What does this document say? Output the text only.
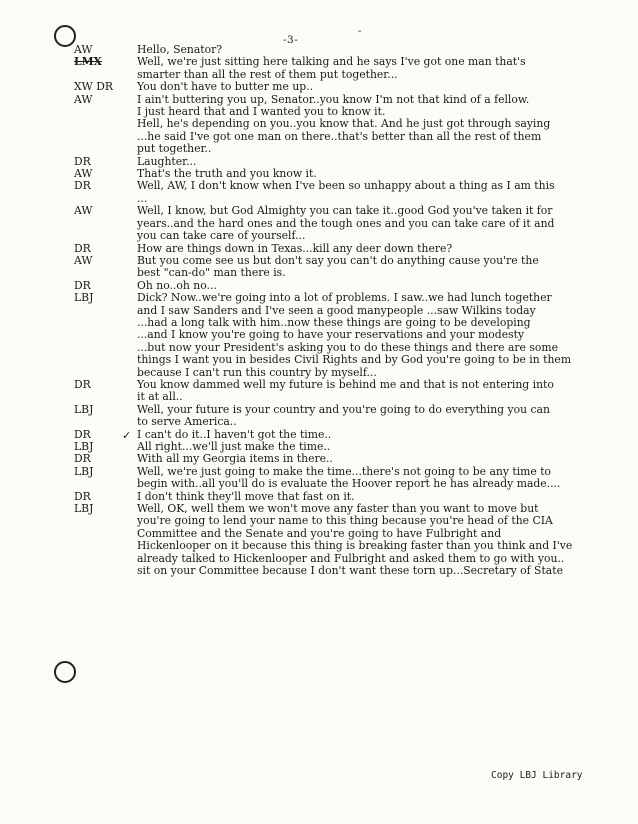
-3-
-
AW	Hello, Senator?
LMX	Well, we're just sitting here talking and he says I've got one man that's
smarter than all the rest of them put together...
XW DR	You don't have to butter me up..
AW	I ain't buttering you up, Senator..you know I'm not that kind of a fellow.
I just heard that and I wanted you to know it.
Hell, he's depending on you..you know that. And he just got through saying
...he said I've got one man on there..that's better than all the rest of them
put together..
DR	Laughter...
AW	That's the truth and you know it.
DR	Well, AW, I don't know when I've been so unhappy about a thing as I am this
...
AW	Well, I know, but God Almighty you can take it..good God you've taken it for
years..and the hard ones and the tough ones and you can take care of it and
you can take care of yourself...
DR	How are things down in Texas...kill any deer down there?
AW	But you come see us but don't say you can't do anything cause you're the
best "can-do" man there is.
DR	Oh no..oh no...
LBJ	Dick? Now..we're going into a lot of problems. I saw..we had lunch together
and I saw Sanders and I've seen a good manypeople ...saw Wilkins today
...had a long talk with him..now these things are going to be developing
...and I know you're going to have your reservations and your modesty
...but now your President's asking you to do these things and there are some
things I want you in besides Civil Rights and by God you're going to be in them
because I can't run this country by myself...
DR	You know dammed well my future is behind me and that is not entering into
it at all..
LBJ	Well, your future is your country and you're going to do everything you can
to serve America..
DR	✓ I can't do it..I haven't got the time..
LBJ	All right...we'll just make the time..
DR	With all my Georgia items in there..
LBJ	Well, we're just going to make the time...there's not going to be any time to
begin with..all you'll do is evaluate the Hoover report he has already made....
DR	I don't think they'll move that fast on it.
LBJ	Well, OK, well them we won't move any faster than you want to move but
you're going to lend your name to this thing because you're head of the CIA
Committee and the Senate and you're going to have Fulbright and
Hickenlooper on it because this thing is breaking faster than you think and I've
already talked to Hickenlooper and Fulbright and asked them to go with you..
sit on your Committee because I don't want these torn up...Secretary of State
Copy LBJ Library
